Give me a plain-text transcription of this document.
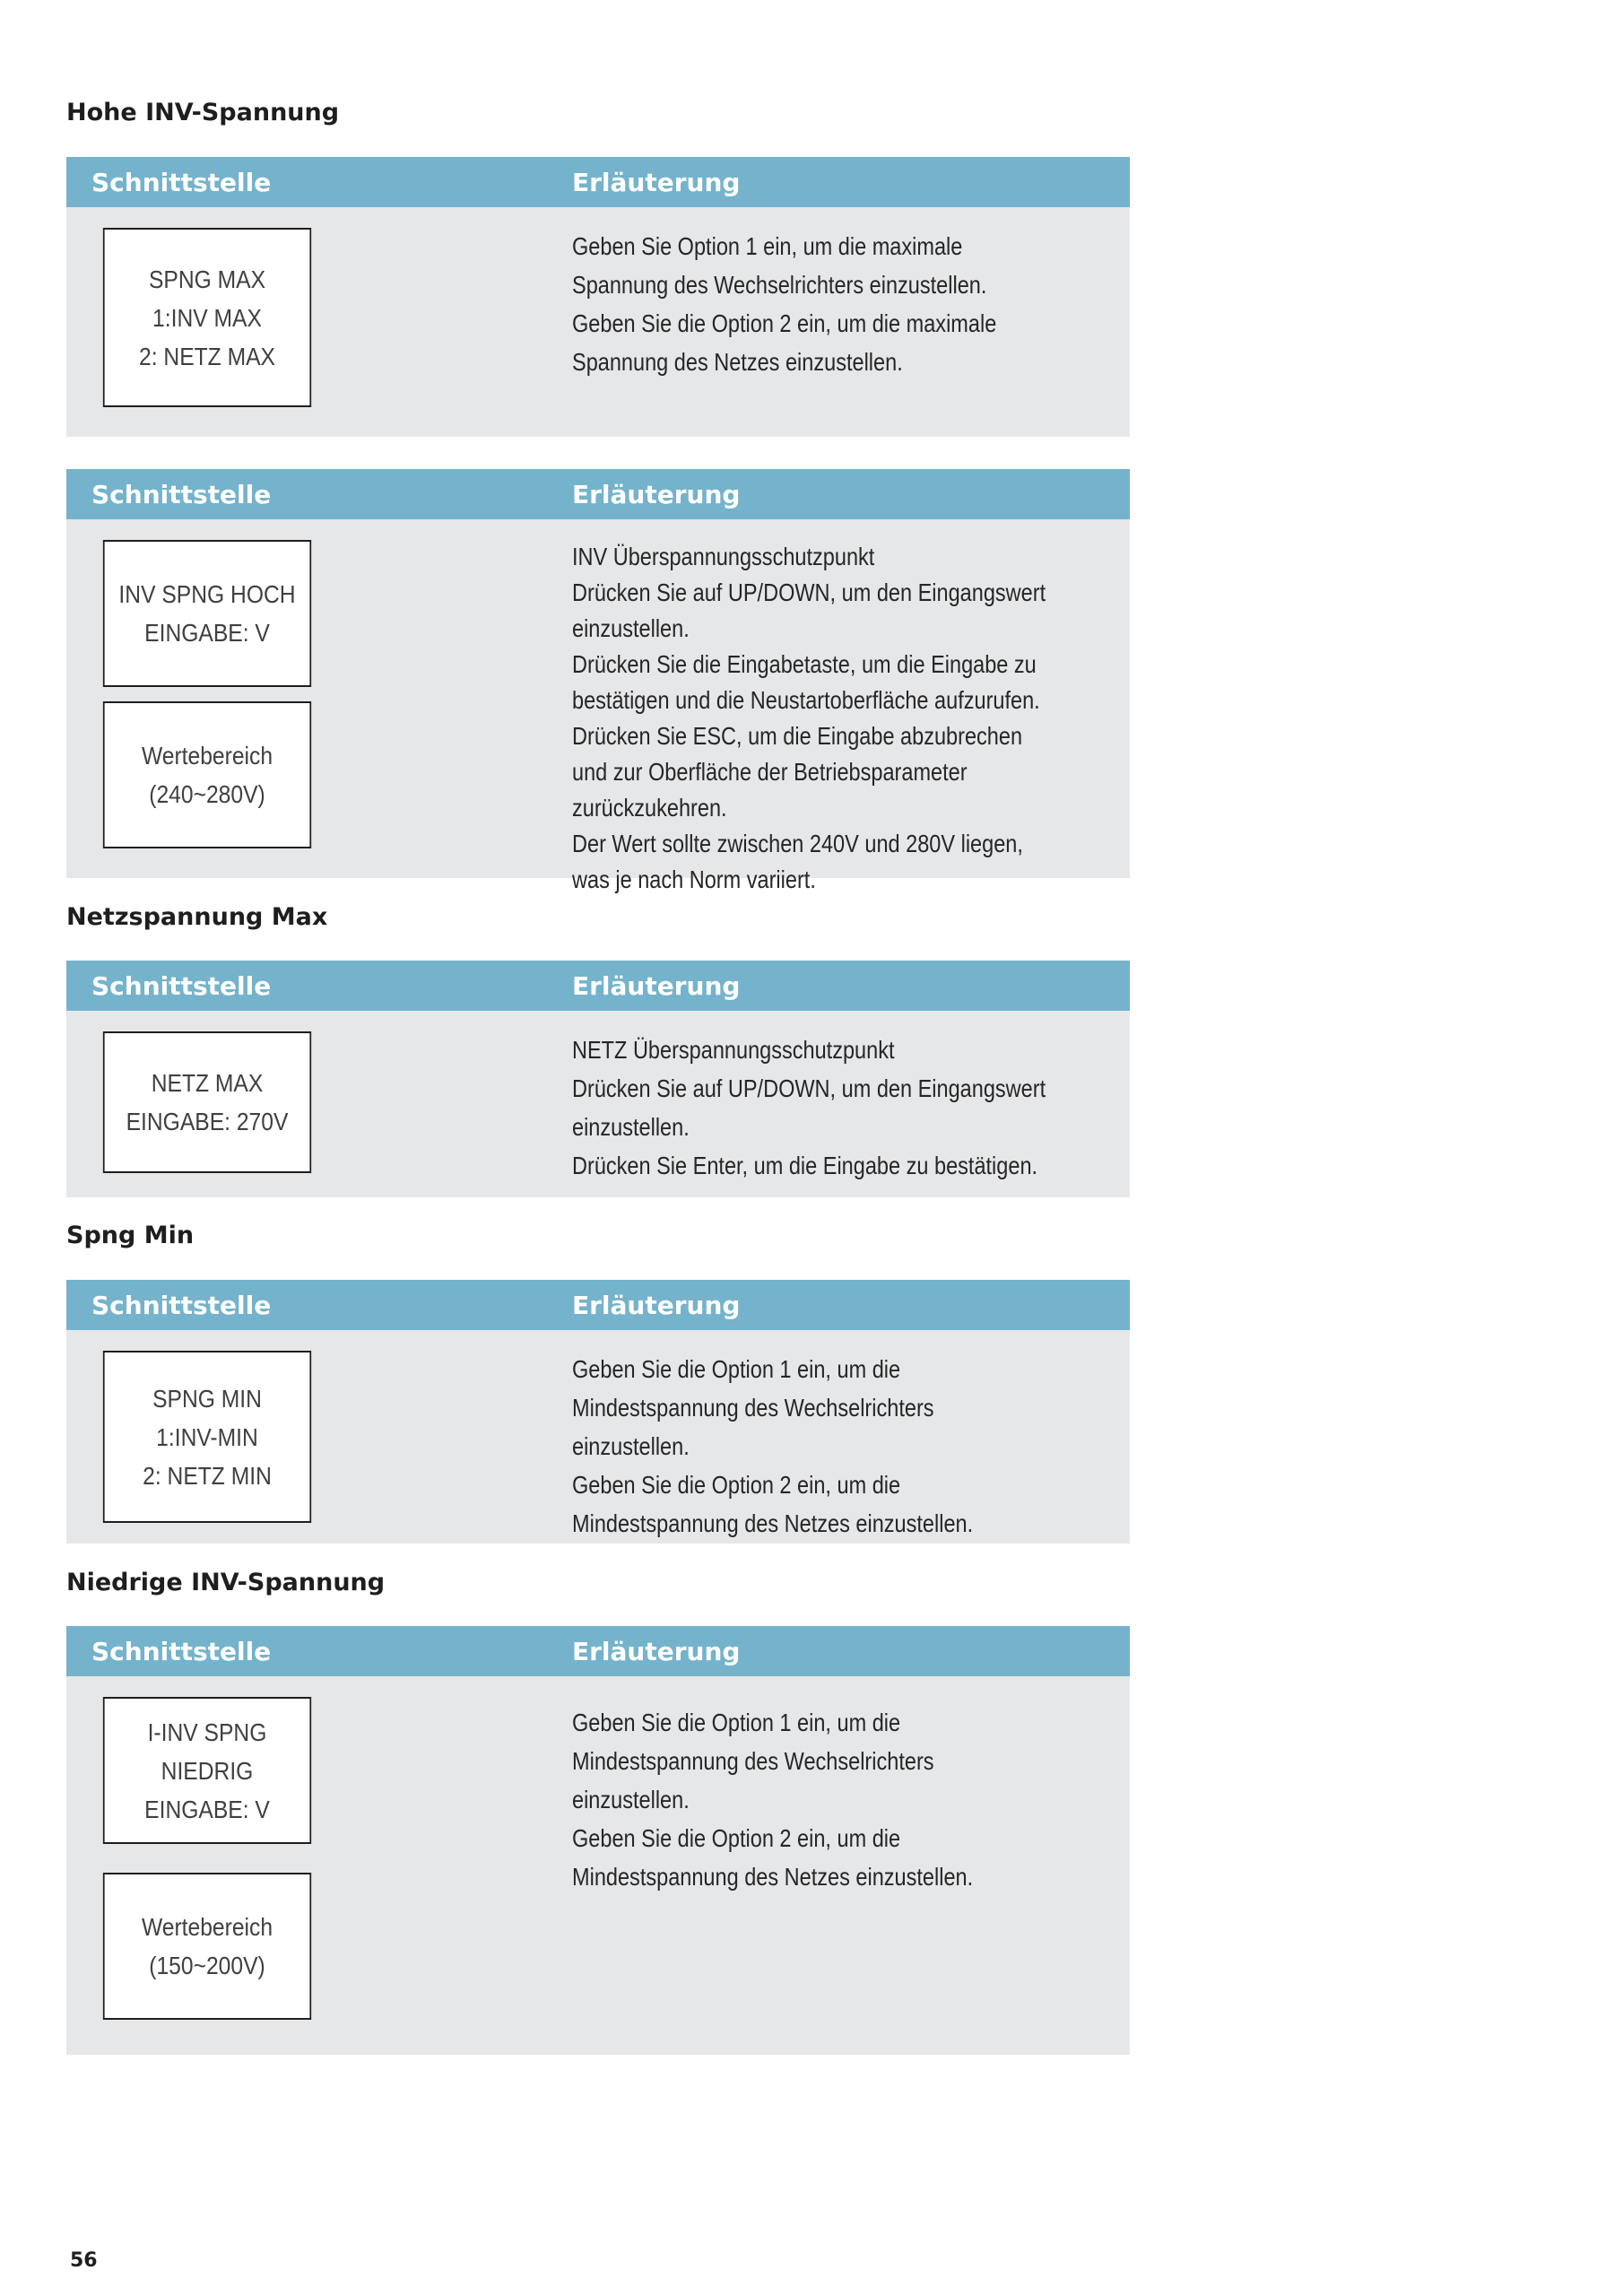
Hohe INV-Spannung
Schnittstelle	Erläuterung
SPNG MAX
1:INV MAX
2: NETZ MAX

Geben Sie Option 1 ein, um die maximale Spannung des Wechselrichters einzustellen.

Geben Sie die Option 2 ein, um die maximale Spannung des Netzes einzustellen.

Schnittstelle	Erläuterung
INV SPNG HOCH
EINGABE: V
Wertebereich
(240~280V)

INV Überspannungsschutzpunkt

Drücken Sie auf UP/DOWN, um den Eingangswert einzustellen.

Drücken Sie die Eingabetaste, um die Eingabe zu bestätigen und die Neustartoberfläche aufzurufen.

Drücken Sie ESC, um die Eingabe abzubrechen und zur Oberfläche der Betriebsparameter zurückzukehren.

Der Wert sollte zwischen 240V und 280V liegen, was je nach Norm variiert.

Netzspannung Max
Schnittstelle	Erläuterung
NETZ MAX
EINGABE: 270V

NETZ Überspannungsschutzpunkt

Drücken Sie auf UP/DOWN, um den Eingangswert einzustellen.

Drücken Sie Enter, um die Eingabe zu bestätigen.

Spng Min
Schnittstelle	Erläuterung
SPNG MIN
1:INV-MIN
2: NETZ MIN

Geben Sie die Option 1 ein, um die Mindestspannung des Wechselrichters einzustellen.

Geben Sie die Option 2 ein, um die Mindestspannung des Netzes einzustellen.

Niedrige INV-Spannung
Schnittstelle	Erläuterung
I-INV SPNG NIEDRIG
EINGABE: V
Wertebereich
(150~200V)

Geben Sie die Option 1 ein, um die Mindestspannung des Wechselrichters einzustellen.

Geben Sie die Option 2 ein, um die Mindestspannung des Netzes einzustellen.

56
